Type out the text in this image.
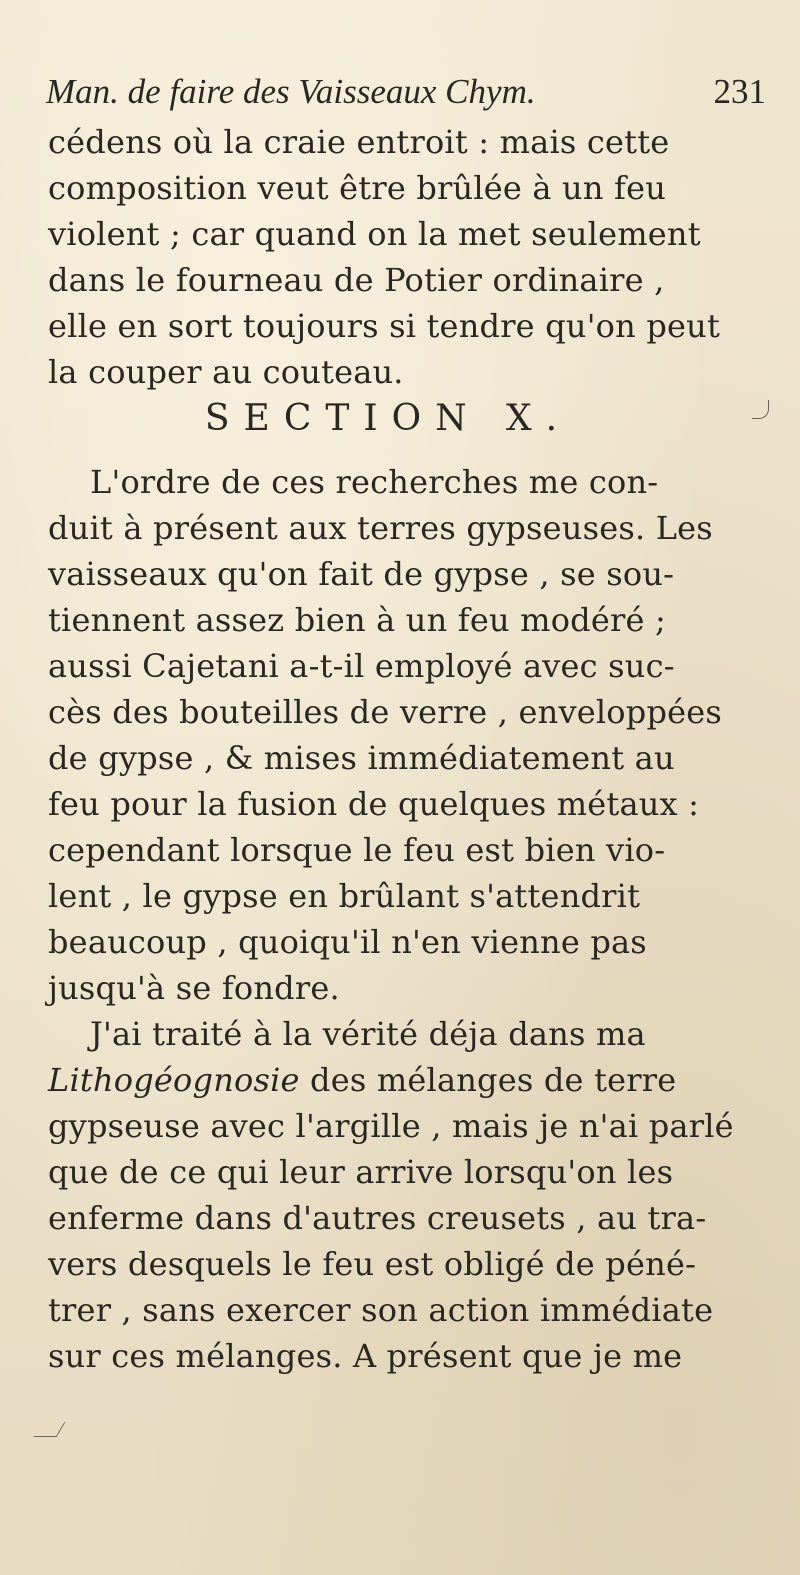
Man. de faire des Vaisseaux Chym.	231
cédens où la craie entroit : mais cette
composition veut être brûlée à un feu
violent ; car quand on la met seulement
dans le fourneau de Potier ordinaire ,
elle en sort toujours si tendre qu'on peut
la couper au couteau.
SECTION X.
L'ordre de ces recherches me con-
duit à présent aux terres gypseuses. Les
vaisseaux qu'on fait de gypse , se sou-
tiennent assez bien à un feu modéré ;
aussi Cajetani a-t-il employé avec suc-
cès des bouteilles de verre , enveloppées
de gypse , & mises immédiatement au
feu pour la fusion de quelques métaux :
cependant lorsque le feu est bien vio-
lent , le gypse en brûlant s'attendrit
beaucoup , quoiqu'il n'en vienne pas
jusqu'à se fondre.
J'ai traité à la vérité déja dans ma
Lithogéognosie des mélanges de terre
gypseuse avec l'argille , mais je n'ai parlé
que de ce qui leur arrive lorsqu'on les
enferme dans d'autres creusets , au tra-
vers desquels le feu est obligé de péné-
trer , sans exercer son action immédiate
sur ces mélanges. A présent que je me
